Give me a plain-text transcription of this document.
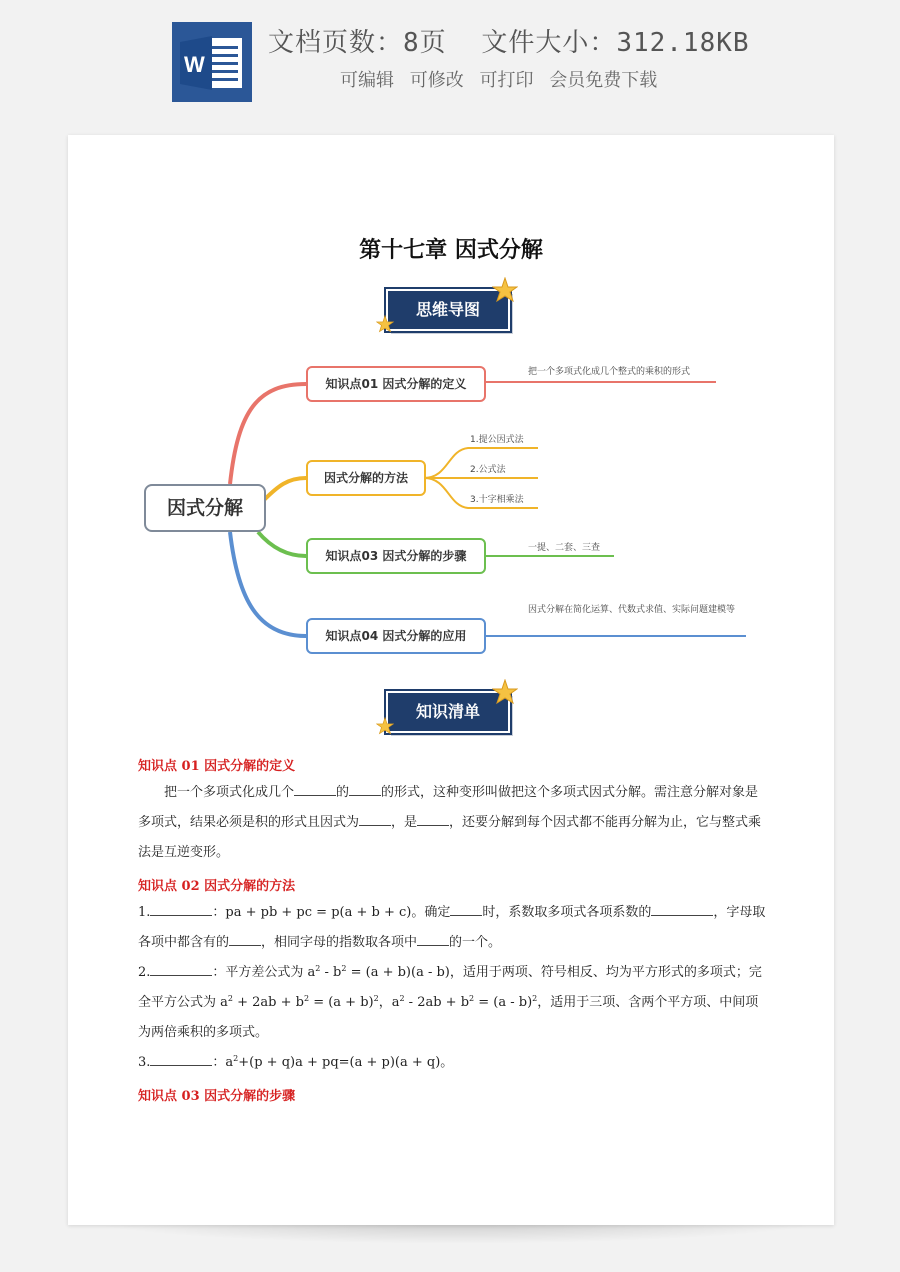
W
文档页数：8页 文件大小：312.18KB
可编辑 可修改 可打印 会员免费下载
第十七章 因式分解
思维导图
因式分解
知识点01 因式分解的定义
把一个多项式化成几个整式的乘积的形式
因式分解的方法
1.提公因式法
2.公式法
3.十字相乘法
知识点03 因式分解的步骤
一提、二套、三查
知识点04 因式分解的应用
因式分解在简化运算、代数式求值、实际问题建模等
知识清单
知识点 01 因式分解的定义

把一个多项式化成几个	的 的形式，这种变形叫做把这个多项式因式分解。需注意分解对象是多项式，结果必须是积的形式且因式为 ，是 ，还要分解到每个因式都不能再分解为止，它与整式乘法是互逆变形。

知识点 02 因式分解的方法

1.	：pa + pb + pc = p(a + b + c)。确定 时，系数取多项式各项系数的	，字母取各项中都含有的 ，相同字母的指数取各项中 的一个。

2.	：平方差公式为 $a^2 - b^2 = (a + b)(a - b)$，适用于两项、符号相反、均为平方形式的多项式；完全平方公式为 $a^2 + 2ab + b^2 = (a + b)^2$，$a^2 - 2ab + b^2 = (a - b)^2$，适用于三项、含两个平方项、中间项为两倍乘积的多项式。

3.	：$a^2+(p + q)a + pq=(a + p)(a + q)$。

知识点 03 因式分解的步骤
